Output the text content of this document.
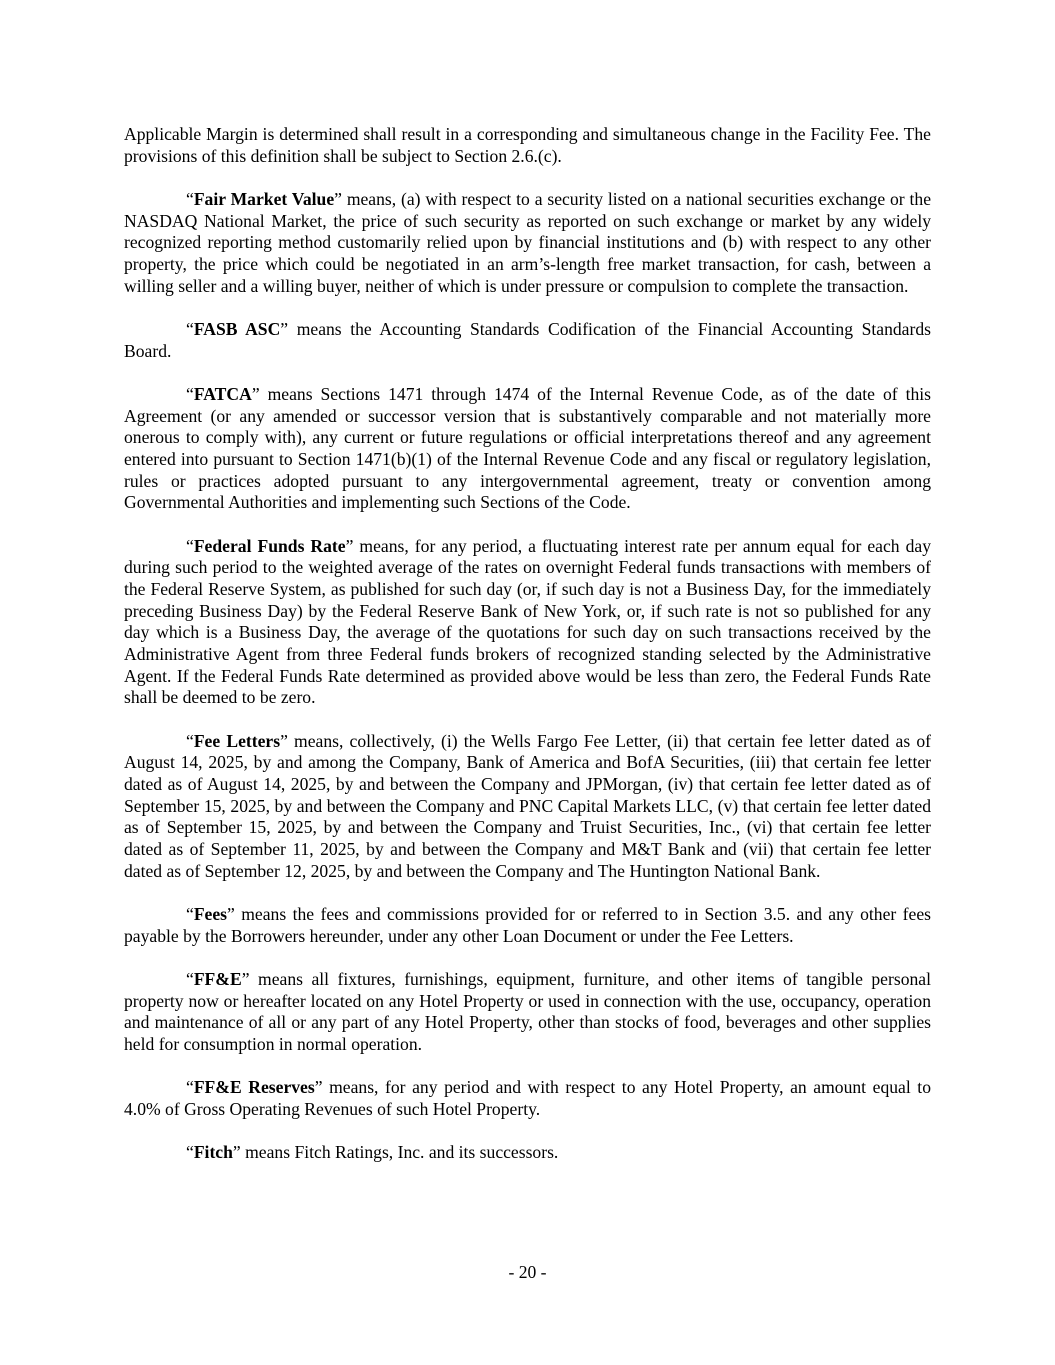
Applicable Margin is determined shall result in a corresponding and simultaneous change in the Facility Fee. The provisions of this definition shall be subject to Section 2.6.(c).

“Fair Market Value” means, (a) with respect to a security listed on a national securities exchange or the NASDAQ National Market, the price of such security as reported on such exchange or market by any widely recognized reporting method customarily relied upon by financial institutions and (b) with respect to any other property, the price which could be negotiated in an arm’s-length free market transaction, for cash, between a willing seller and a willing buyer, neither of which is under pressure or compulsion to complete the transaction.

“FASB ASC” means the Accounting Standards Codification of the Financial Accounting Standards Board.

“FATCA” means Sections 1471 through 1474 of the Internal Revenue Code, as of the date of this Agreement (or any amended or successor version that is substantively comparable and not materially more onerous to comply with), any current or future regulations or official interpretations thereof and any agreement entered into pursuant to Section 1471(b)(1) of the Internal Revenue Code and any fiscal or regulatory legislation, rules or practices adopted pursuant to any intergovernmental agreement, treaty or convention among Governmental Authorities and implementing such Sections of the Code.

“Federal Funds Rate” means, for any period, a fluctuating interest rate per annum equal for each day during such period to the weighted average of the rates on overnight Federal funds transactions with members of the Federal Reserve System, as published for such day (or, if such day is not a Business Day, for the immediately preceding Business Day) by the Federal Reserve Bank of New York, or, if such rate is not so published for any day which is a Business Day, the average of the quotations for such day on such transactions received by the Administrative Agent from three Federal funds brokers of recognized standing selected by the Administrative Agent. If the Federal Funds Rate determined as provided above would be less than zero, the Federal Funds Rate shall be deemed to be zero.

“Fee Letters” means, collectively, (i) the Wells Fargo Fee Letter, (ii) that certain fee letter dated as of August 14, 2025, by and among the Company, Bank of America and BofA Securities, (iii) that certain fee letter dated as of August 14, 2025, by and between the Company and JPMorgan, (iv) that certain fee letter dated as of September 15, 2025, by and between the Company and PNC Capital Markets LLC, (v) that certain fee letter dated as of September 15, 2025, by and between the Company and Truist Securities, Inc., (vi) that certain fee letter dated as of September 11, 2025, by and between the Company and M&T Bank and (vii) that certain fee letter dated as of September 12, 2025, by and between the Company and The Huntington National Bank.

“Fees” means the fees and commissions provided for or referred to in Section 3.5. and any other fees payable by the Borrowers hereunder, under any other Loan Document or under the Fee Letters.

“FF&E” means all fixtures, furnishings, equipment, furniture, and other items of tangible personal property now or hereafter located on any Hotel Property or used in connection with the use, occupancy, operation and maintenance of all or any part of any Hotel Property, other than stocks of food, beverages and other supplies held for consumption in normal operation.

“FF&E Reserves” means, for any period and with respect to any Hotel Property, an amount equal to 4.0% of Gross Operating Revenues of such Hotel Property.

“Fitch” means Fitch Ratings, Inc. and its successors.

- 20 -
